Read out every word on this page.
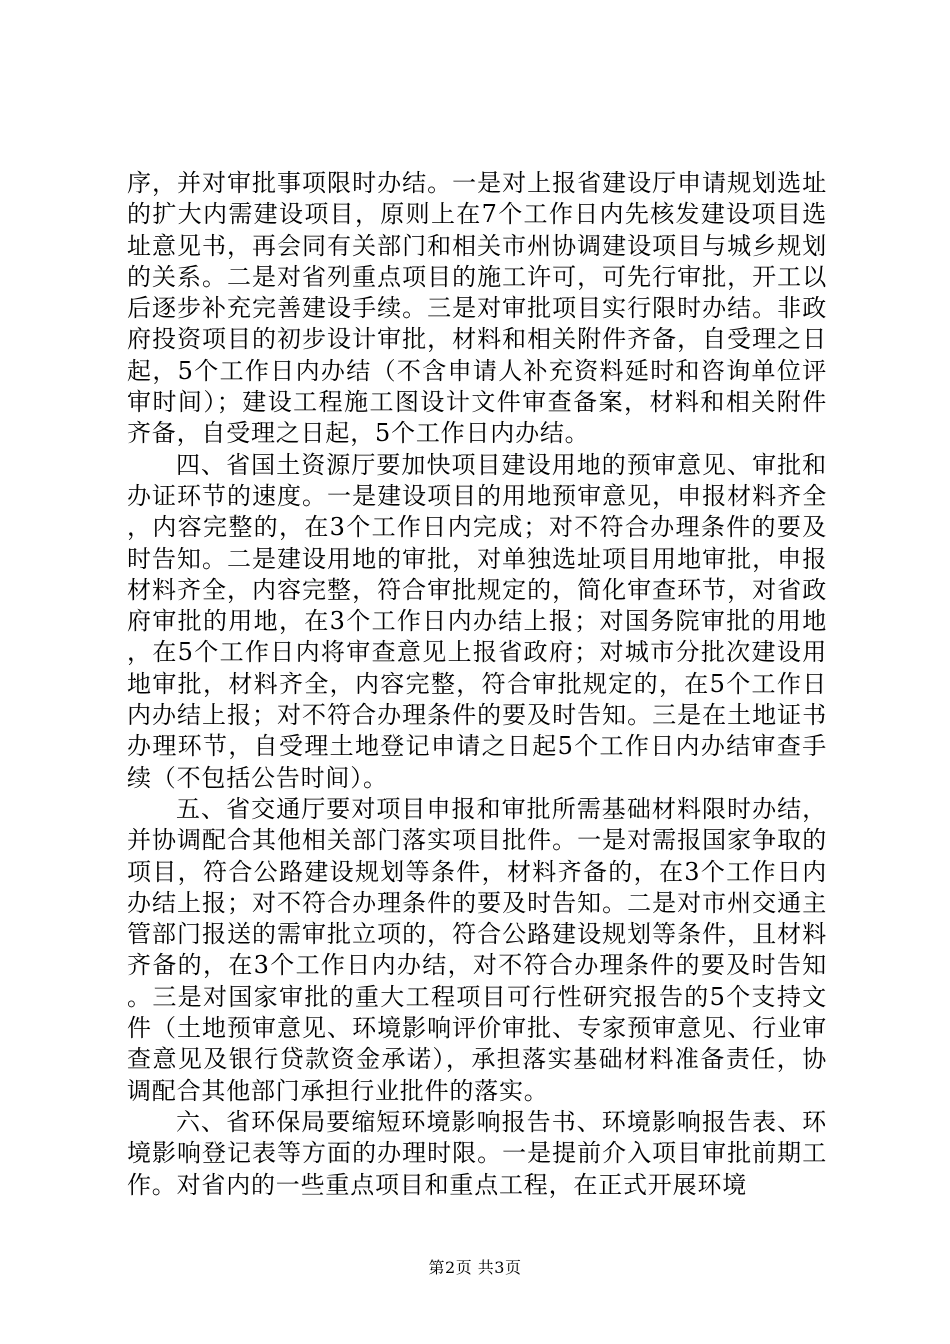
序，并对审批事项限时办结。一是对上报省建设厅申请规划选址的扩大内需建设项目，原则上在7个工作日内先核发建设项目选址意见书，再会同有关部门和相关市州协调建设项目与城乡规划的关系。二是对省列重点项目的施工许可，可先行审批，开工以后逐步补充完善建设手续。三是对审批项目实行限时办结。非政府投资项目的初步设计审批，材料和相关附件齐备，自受理之日起，5个工作日内办结（不含申请人补充资料延时和咨询单位评审时间）；建设工程施工图设计文件审查备案，材料和相关附件齐备，自受理之日起，5个工作日内办结。

四、省国土资源厅要加快项目建设用地的预审意见、审批和办证环节的速度。一是建设项目的用地预审意见，申报材料齐全，内容完整的，在3个工作日内完成；对不符合办理条件的要及时告知。二是建设用地的审批，对单独选址项目用地审批，申报材料齐全，内容完整，符合审批规定的，简化审查环节，对省政府审批的用地，在3个工作日内办结上报；对国务院审批的用地，在5个工作日内将审查意见上报省政府；对城市分批次建设用地审批，材料齐全，内容完整，符合审批规定的，在5个工作日内办结上报；对不符合办理条件的要及时告知。三是在土地证书办理环节，自受理土地登记申请之日起5个工作日内办结审查手续（不包括公告时间）。

五、省交通厅要对项目申报和审批所需基础材料限时办结，并协调配合其他相关部门落实项目批件。一是对需报国家争取的项目，符合公路建设规划等条件，材料齐备的，在3个工作日内办结上报；对不符合办理条件的要及时告知。二是对市州交通主管部门报送的需审批立项的，符合公路建设规划等条件，且材料齐备的，在3个工作日内办结，对不符合办理条件的要及时告知。三是对国家审批的重大工程项目可行性研究报告的5个支持文件（土地预审意见、环境影响评价审批、专家预审意见、行业审查意见及银行贷款资金承诺），承担落实基础材料准备责任，协调配合其他部门承担行业批件的落实。

六、省环保局要缩短环境影响报告书、环境影响报告表、环境影响登记表等方面的办理时限。一是提前介入项目审批前期工作。对省内的一些重点项目和重点工程，在正式开展环境

第2页 共3页
